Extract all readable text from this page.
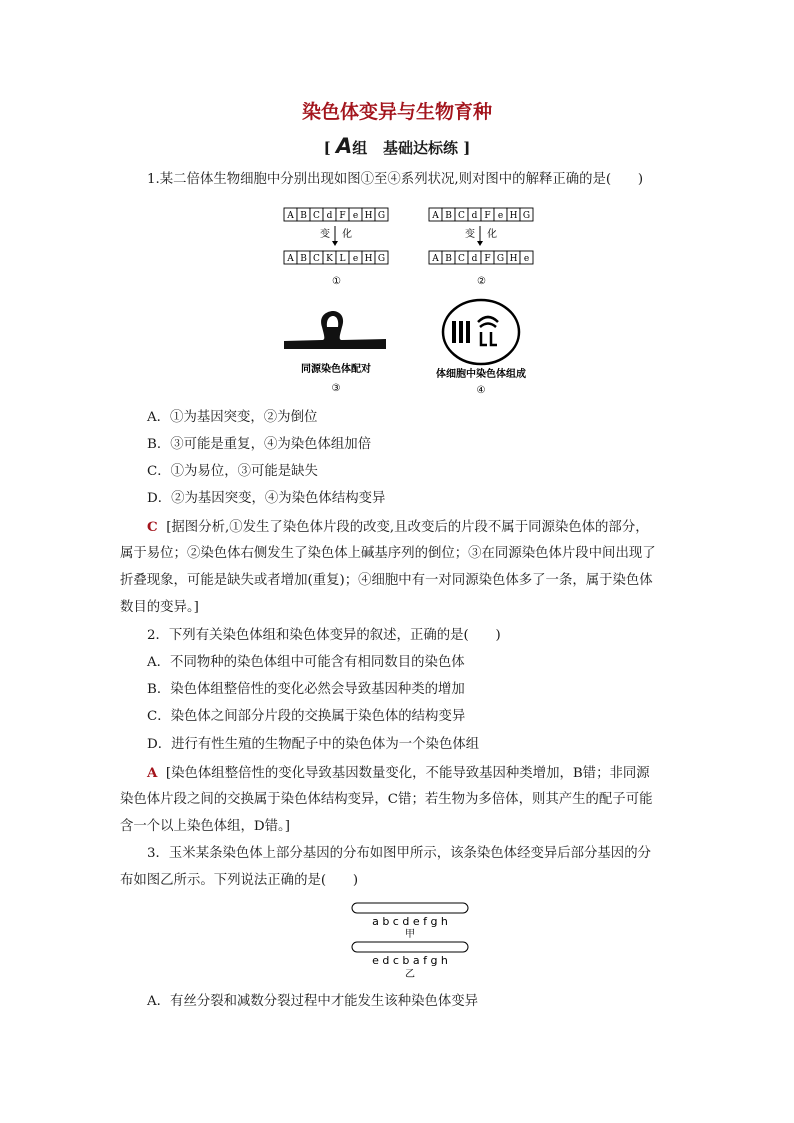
染色体变异与生物育种
[ A组 基础达标练 ]
1.某二倍体生物细胞中分别出现如图①至④系列状况,则对图中的解释正确的是(　　)
A B C d F e H G
变 化
A B C K L e H G
①
A B C d F e H G
变 化
A B C d F G H e
②
同源染色体配对
③
体细胞中染色体组成
④
A．①为基因突变，②为倒位
B．③可能是重复，④为染色体组加倍
C．①为易位，③可能是缺失
D．②为基因突变，④为染色体结构变异
C [据图分析,①发生了染色体片段的改变,且改变后的片段不属于同源染色体的部分，
属于易位；②染色体右侧发生了染色体上碱基序列的倒位；③在同源染色体片段中间出现了
折叠现象，可能是缺失或者增加(重复)；④细胞中有一对同源染色体多了一条，属于染色体
数目的变异。]
2．下列有关染色体组和染色体变异的叙述，正确的是(　　)
A．不同物种的染色体组中可能含有相同数目的染色体
B．染色体组整倍性的变化必然会导致基因种类的增加
C．染色体之间部分片段的交换属于染色体的结构变异
D．进行有性生殖的生物配子中的染色体为一个染色体组
A [染色体组整倍性的变化导致基因数量变化，不能导致基因种类增加，B错；非同源
染色体片段之间的交换属于染色体结构变异，C错；若生物为多倍体，则其产生的配子可能
含一个以上染色体组，D错。]
3．玉米某条染色体上部分基因的分布如图甲所示，该条染色体经变异后部分基因的分
布如图乙所示。下列说法正确的是(　　)
a b c d e f g h
甲
e d c b a f g h
乙
A．有丝分裂和减数分裂过程中才能发生该种染色体变异
